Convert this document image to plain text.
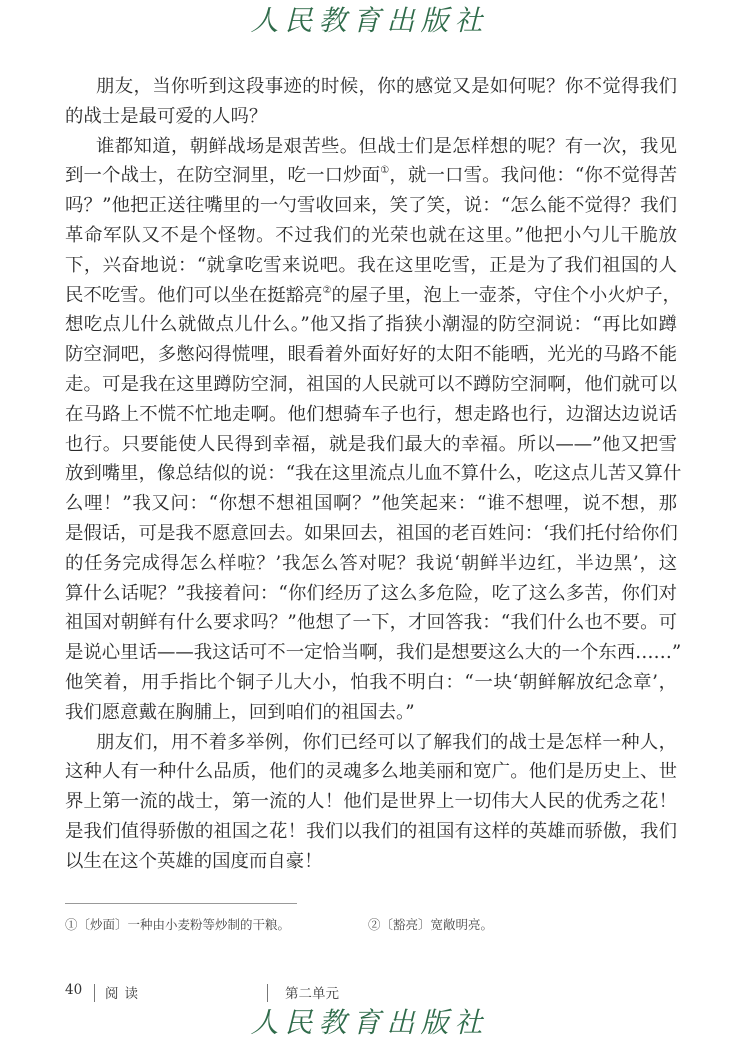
人民教育出版社
朋友，当你听到这段事迹的时候，你的感觉又是如何呢？你不觉得我们
的战士是最可爱的人吗？
谁都知道，朝鲜战场是艰苦些。但战士们是怎样想的呢？有一次，我见
到一个战士，在防空洞里，吃一口炒面①，就一口雪。我问他：“你不觉得苦
吗？”他把正送往嘴里的一勺雪收回来，笑了笑，说：“怎么能不觉得？我们
革命军队又不是个怪物。不过我们的光荣也就在这里。”他把小勺儿干脆放
下，兴奋地说：“就拿吃雪来说吧。我在这里吃雪，正是为了我们祖国的人
民不吃雪。他们可以坐在挺豁亮②的屋子里，泡上一壶茶，守住个小火炉子，
想吃点儿什么就做点儿什么。”他又指了指狭小潮湿的防空洞说：“再比如蹲
防空洞吧，多憋闷得慌哩，眼看着外面好好的太阳不能晒，光光的马路不能
走。可是我在这里蹲防空洞，祖国的人民就可以不蹲防空洞啊，他们就可以
在马路上不慌不忙地走啊。他们想骑车子也行，想走路也行，边溜达边说话
也行。只要能使人民得到幸福，就是我们最大的幸福。所以——”他又把雪
放到嘴里，像总结似的说：“我在这里流点儿血不算什么，吃这点儿苦又算什
么哩！”我又问：“你想不想祖国啊？”他笑起来：“谁不想哩，说不想，那
是假话，可是我不愿意回去。如果回去，祖国的老百姓问：‘我们托付给你们
的任务完成得怎么样啦？’我怎么答对呢？我说‘朝鲜半边红，半边黑’，这
算什么话呢？”我接着问：“你们经历了这么多危险，吃了这么多苦，你们对
祖国对朝鲜有什么要求吗？”他想了一下，才回答我：“我们什么也不要。可
是说心里话——我这话可不一定恰当啊，我们是想要这么大的一个东西……”
他笑着，用手指比个铜子儿大小，怕我不明白：“一块‘朝鲜解放纪念章’，
我们愿意戴在胸脯上，回到咱们的祖国去。”
朋友们，用不着多举例，你们已经可以了解我们的战士是怎样一种人，
这种人有一种什么品质，他们的灵魂多么地美丽和宽广。他们是历史上、世
界上第一流的战士，第一流的人！他们是世界上一切伟大人民的优秀之花！
是我们值得骄傲的祖国之花！我们以我们的祖国有这样的英雄而骄傲，我们
以生在这个英雄的国度而自豪！
①〔炒面〕一种由小麦粉等炒制的干粮。	②〔豁亮〕宽敞明亮。
40 阅读	第二单元
人民教育出版社
